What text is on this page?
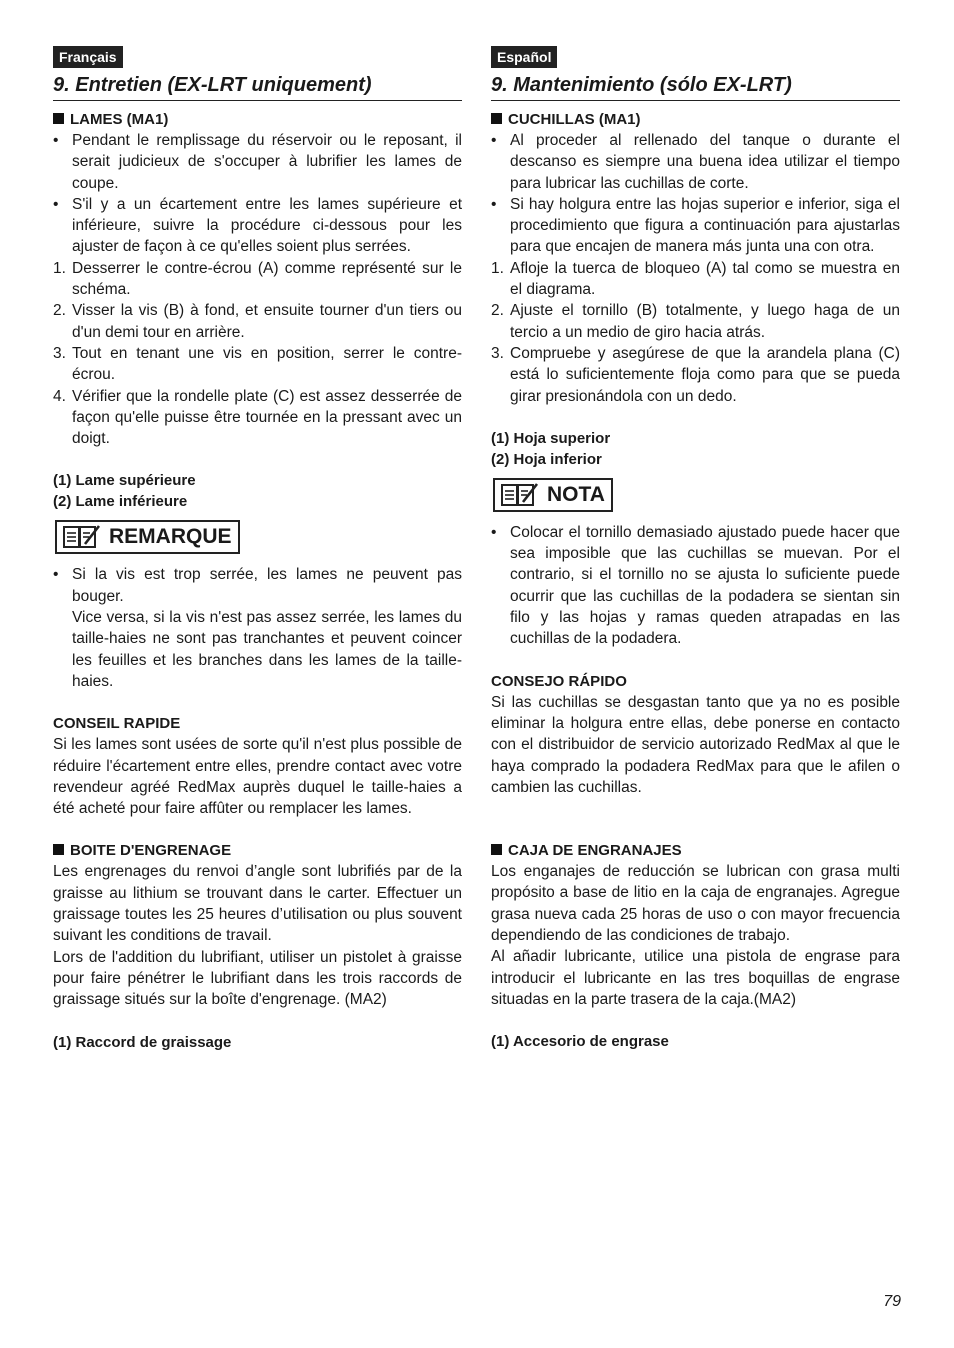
Français
9. Entretien (EX-LRT uniquement)

LAMES (MA1)

• Pendant le remplissage du réservoir ou le reposant, il serait judicieux de s'occuper à lubrifier les lames de coupe.
• S'il y a un écartement entre les lames supérieure et inférieure, suivre la procédure ci-dessous pour les ajuster de façon à ce qu'elles soient plus serrées.
1. Desserrer le contre-écrou (A) comme représenté sur le schéma.
2. Visser la vis (B) à fond, et ensuite tourner d'un tiers ou d'un demi tour en arrière.
3. Tout en tenant une vis en position, serrer le contre-écrou.
4. Vérifier que la rondelle plate (C) est assez desserrée de façon qu'elle puisse être tournée en la pressant avec un doigt.

(1) Lame supérieure

(2) Lame inférieure

REMARQUE
• Si la vis est trop serrée, les lames ne peuvent pas bouger.
Vice versa, si la vis n'est pas assez serrée, les lames du taille-haies ne sont pas tranchantes et peuvent coincer les feuilles et les branches dans les lames de la taille-haies.

CONSEIL RAPIDE

Si les lames sont usées de sorte qu'il n'est plus possible de réduire l'écartement entre elles, prendre contact avec votre revendeur agréé RedMax auprès duquel le taille-haies a été acheté pour faire affûter ou remplacer les lames.

BOITE D'ENGRENAGE

Les engrenages du renvoi d’angle sont lubrifiés par de la graisse au lithium se trouvant dans le carter. Effectuer un graissage toutes les 25 heures d’utilisation ou plus souvent suivant les conditions de travail.

Lors de l'addition du lubrifiant, utiliser un pistolet à graisse pour faire pénétrer le lubrifiant dans les trois raccords de graissage situés sur la boîte d'engrenage. (MA2)

(1) Raccord de graissage

Español
9. Mantenimiento (sólo EX-LRT)

CUCHILLAS (MA1)

• Al proceder al rellenado del tanque o durante el descanso es siempre una buena idea utilizar el tiempo para lubricar las cuchillas de corte.
• Si hay holgura entre las hojas superior e inferior, siga el procedimiento que figura a continuación para ajustarlas para que encajen de manera más junta una con otra.
1. Afloje la tuerca de bloqueo (A) tal como se muestra en el diagrama.
2. Ajuste el tornillo (B) totalmente, y luego haga de un tercio a un medio de giro hacia atrás.
3. Compruebe y asegúrese de que la arandela plana (C) está lo suficientemente floja como para que se pueda girar presionándola con un dedo.

(1) Hoja superior

(2) Hoja inferior

NOTA
• Colocar el tornillo demasiado ajustado puede hacer que sea imposible que las cuchillas se muevan. Por el contrario, si el tornillo no se ajusta lo suficiente puede ocurrir que las cuchillas de la podadera se sientan sin filo y las hojas y ramas queden atrapadas en las cuchillas de la podadera.

CONSEJO RÁPIDO

Si las cuchillas se desgastan tanto que ya no es posible eliminar la holgura entre ellas, debe ponerse en contacto con el distribuidor de servicio autorizado RedMax al que le haya comprado la podadera RedMax para que le afilen o cambien las cuchillas.

CAJA DE ENGRANAJES

Los enganajes de reducción se lubrican con grasa multi propósito a base de litio en la caja de engranajes. Agregue grasa nueva cada 25 horas de uso o con mayor frecuencia dependiendo de las condiciones de trabajo.

Al añadir lubricante, utilice una pistola de engrase para introducir el lubricante en las tres boquillas de engrase situadas en la parte trasera de la caja.(MA2)

(1) Accesorio de engrase

79
